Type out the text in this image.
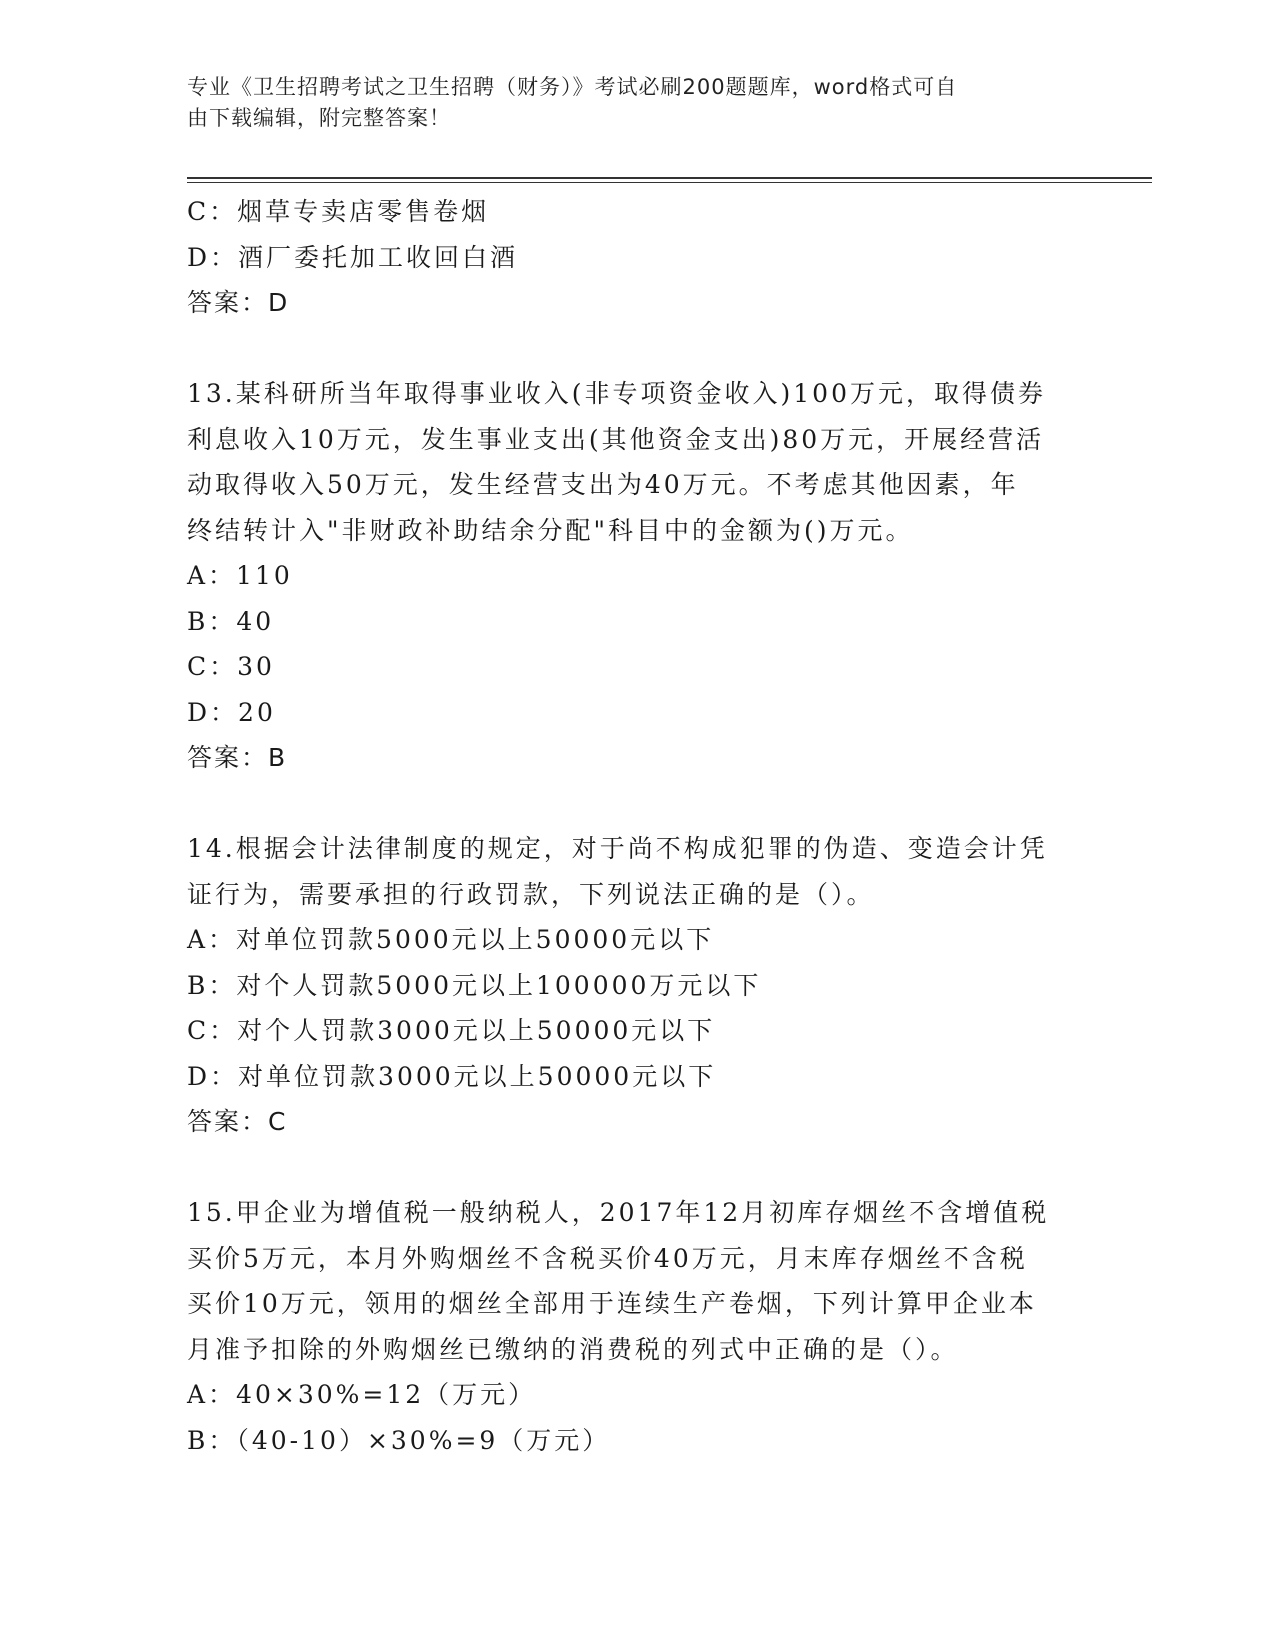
专业《卫生招聘考试之卫生招聘（财务）》考试必刷200题题库，word格式可自
由下载编辑，附完整答案！
C：烟草专卖店零售卷烟
D：酒厂委托加工收回白酒
答案：D
13.某科研所当年取得事业收入(非专项资金收入)100万元，取得债券
利息收入10万元，发生事业支出(其他资金支出)80万元，开展经营活
动取得收入50万元，发生经营支出为40万元。不考虑其他因素，年
终结转计入"非财政补助结余分配"科目中的金额为()万元。
A：110
B：40
C：30
D：20
答案：B
14.根据会计法律制度的规定，对于尚不构成犯罪的伪造、变造会计凭
证行为，需要承担的行政罚款，下列说法正确的是（）。
A：对单位罚款5000元以上50000元以下
B：对个人罚款5000元以上100000万元以下
C：对个人罚款3000元以上50000元以下
D：对单位罚款3000元以上50000元以下
答案：C
15.甲企业为增值税一般纳税人，2017年12月初库存烟丝不含增值税
买价5万元，本月外购烟丝不含税买价40万元，月末库存烟丝不含税
买价10万元，领用的烟丝全部用于连续生产卷烟，下列计算甲企业本
月准予扣除的外购烟丝已缴纳的消费税的列式中正确的是（）。
A：40×30%=12（万元）
B：（40-10）×30%=9（万元）
